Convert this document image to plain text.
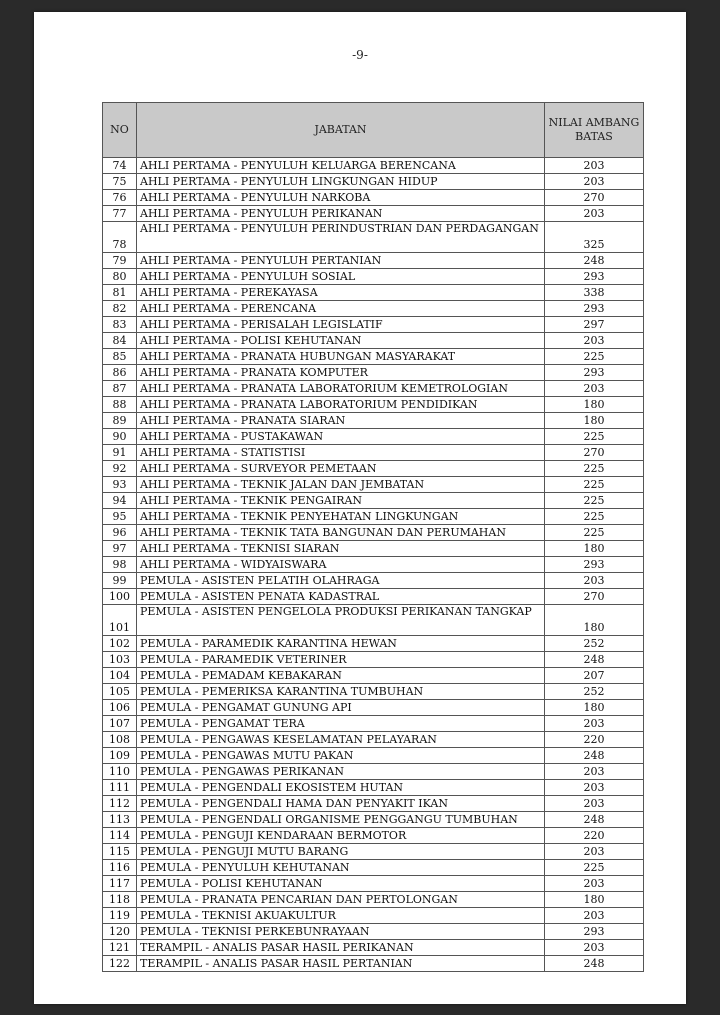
-9-
NO	JABATAN	NILAI AMBANG BATAS
74	AHLI PERTAMA - PENYULUH KELUARGA BERENCANA	203
75	AHLI PERTAMA - PENYULUH LINGKUNGAN HIDUP	203
76	AHLI PERTAMA - PENYULUH NARKOBA	270
77	AHLI PERTAMA - PENYULUH PERIKANAN	203
78	AHLI PERTAMA - PENYULUH PERINDUSTRIAN DAN PERDAGANGAN	325
79	AHLI PERTAMA - PENYULUH PERTANIAN	248
80	AHLI PERTAMA - PENYULUH SOSIAL	293
81	AHLI PERTAMA - PEREKAYASA	338
82	AHLI PERTAMA - PERENCANA	293
83	AHLI PERTAMA - PERISALAH LEGISLATIF	297
84	AHLI PERTAMA - POLISI KEHUTANAN	203
85	AHLI PERTAMA - PRANATA HUBUNGAN MASYARAKAT	225
86	AHLI PERTAMA - PRANATA KOMPUTER	293
87	AHLI PERTAMA - PRANATA LABORATORIUM KEMETROLOGIAN	203
88	AHLI PERTAMA - PRANATA LABORATORIUM PENDIDIKAN	180
89	AHLI PERTAMA - PRANATA SIARAN	180
90	AHLI PERTAMA - PUSTAKAWAN	225
91	AHLI PERTAMA - STATISTISI	270
92	AHLI PERTAMA - SURVEYOR PEMETAAN	225
93	AHLI PERTAMA - TEKNIK JALAN DAN JEMBATAN	225
94	AHLI PERTAMA - TEKNIK PENGAIRAN	225
95	AHLI PERTAMA - TEKNIK PENYEHATAN LINGKUNGAN	225
96	AHLI PERTAMA - TEKNIK TATA BANGUNAN DAN PERUMAHAN	225
97	AHLI PERTAMA - TEKNISI SIARAN	180
98	AHLI PERTAMA - WIDYAISWARA	293
99	PEMULA - ASISTEN PELATIH OLAHRAGA	203
100	PEMULA - ASISTEN PENATA KADASTRAL	270
101	PEMULA - ASISTEN PENGELOLA PRODUKSI PERIKANAN TANGKAP	180
102	PEMULA - PARAMEDIK KARANTINA HEWAN	252
103	PEMULA - PARAMEDIK VETERINER	248
104	PEMULA - PEMADAM KEBAKARAN	207
105	PEMULA - PEMERIKSA KARANTINA TUMBUHAN	252
106	PEMULA - PENGAMAT GUNUNG API	180
107	PEMULA - PENGAMAT TERA	203
108	PEMULA - PENGAWAS KESELAMATAN PELAYARAN	220
109	PEMULA - PENGAWAS MUTU PAKAN	248
110	PEMULA - PENGAWAS PERIKANAN	203
111	PEMULA - PENGENDALI EKOSISTEM HUTAN	203
112	PEMULA - PENGENDALI HAMA DAN PENYAKIT IKAN	203
113	PEMULA - PENGENDALI ORGANISME PENGGANGU TUMBUHAN	248
114	PEMULA - PENGUJI KENDARAAN BERMOTOR	220
115	PEMULA - PENGUJI MUTU BARANG	203
116	PEMULA - PENYULUH KEHUTANAN	225
117	PEMULA - POLISI KEHUTANAN	203
118	PEMULA - PRANATA PENCARIAN DAN PERTOLONGAN	180
119	PEMULA - TEKNISI AKUAKULTUR	203
120	PEMULA - TEKNISI PERKEBUNRAYAAN	293
121	TERAMPIL - ANALIS PASAR HASIL PERIKANAN	203
122	TERAMPIL - ANALIS PASAR HASIL PERTANIAN	248
